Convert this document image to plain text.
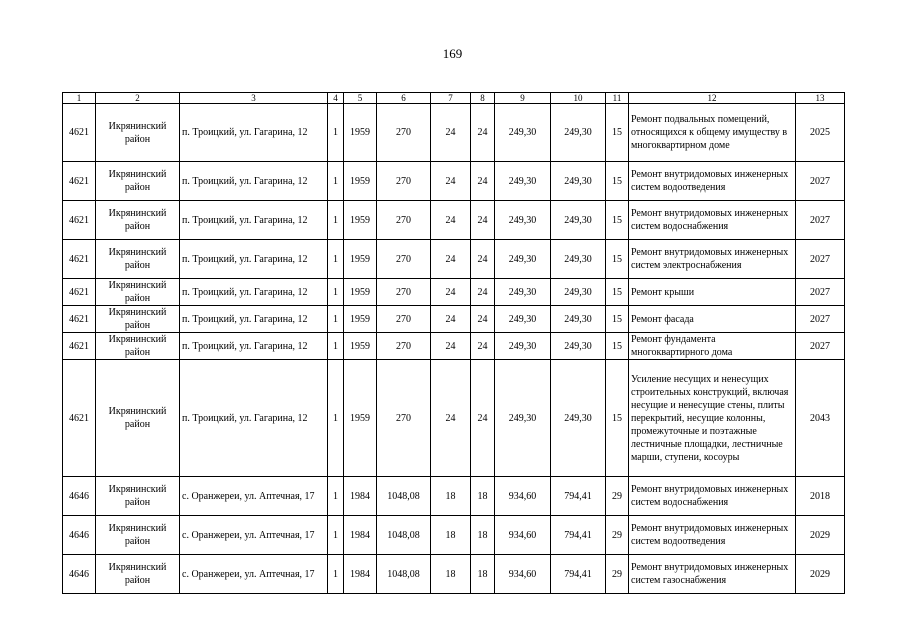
169
1	2	3	4	5	6	7	8	9	10	11	12	13
4621	Икрянинский район	п. Троицкий, ул. Гагарина, 12	1	1959	270	24	24	249,30	249,30	15	Ремонт подвальных помещений, относящихся к общему имуществу в многоквартирном доме	2025
4621	Икрянинский район	п. Троицкий, ул. Гагарина, 12	1	1959	270	24	24	249,30	249,30	15	Ремонт внутридомовых инженерных систем водоотведения	2027
4621	Икрянинский район	п. Троицкий, ул. Гагарина, 12	1	1959	270	24	24	249,30	249,30	15	Ремонт внутридомовых инженерных систем водоснабжения	2027
4621	Икрянинский район	п. Троицкий, ул. Гагарина, 12	1	1959	270	24	24	249,30	249,30	15	Ремонт внутридомовых инженерных систем электроснабжения	2027
4621	Икрянинский район	п. Троицкий, ул. Гагарина, 12	1	1959	270	24	24	249,30	249,30	15	Ремонт крыши	2027
4621	Икрянинский район	п. Троицкий, ул. Гагарина, 12	1	1959	270	24	24	249,30	249,30	15	Ремонт фасада	2027
4621	Икрянинский район	п. Троицкий, ул. Гагарина, 12	1	1959	270	24	24	249,30	249,30	15	Ремонт фундамента многоквартирного дома	2027
4621	Икрянинский район	п. Троицкий, ул. Гагарина, 12	1	1959	270	24	24	249,30	249,30	15	Усиление несущих и ненесущих строительных конструкций, включая несущие и ненесущие стены, плиты перекрытий, несущие колонны, промежуточные и поэтажные лестничные площадки, лестничные марши, ступени, косоуры	2043
4646	Икрянинский район	с. Оранжереи, ул. Аптечная, 17	1	1984	1048,08	18	18	934,60	794,41	29	Ремонт внутридомовых инженерных систем водоснабжения	2018
4646	Икрянинский район	с. Оранжереи, ул. Аптечная, 17	1	1984	1048,08	18	18	934,60	794,41	29	Ремонт внутридомовых инженерных систем водоотведения	2029
4646	Икрянинский район	с. Оранжереи, ул. Аптечная, 17	1	1984	1048,08	18	18	934,60	794,41	29	Ремонт внутридомовых инженерных систем газоснабжения	2029
